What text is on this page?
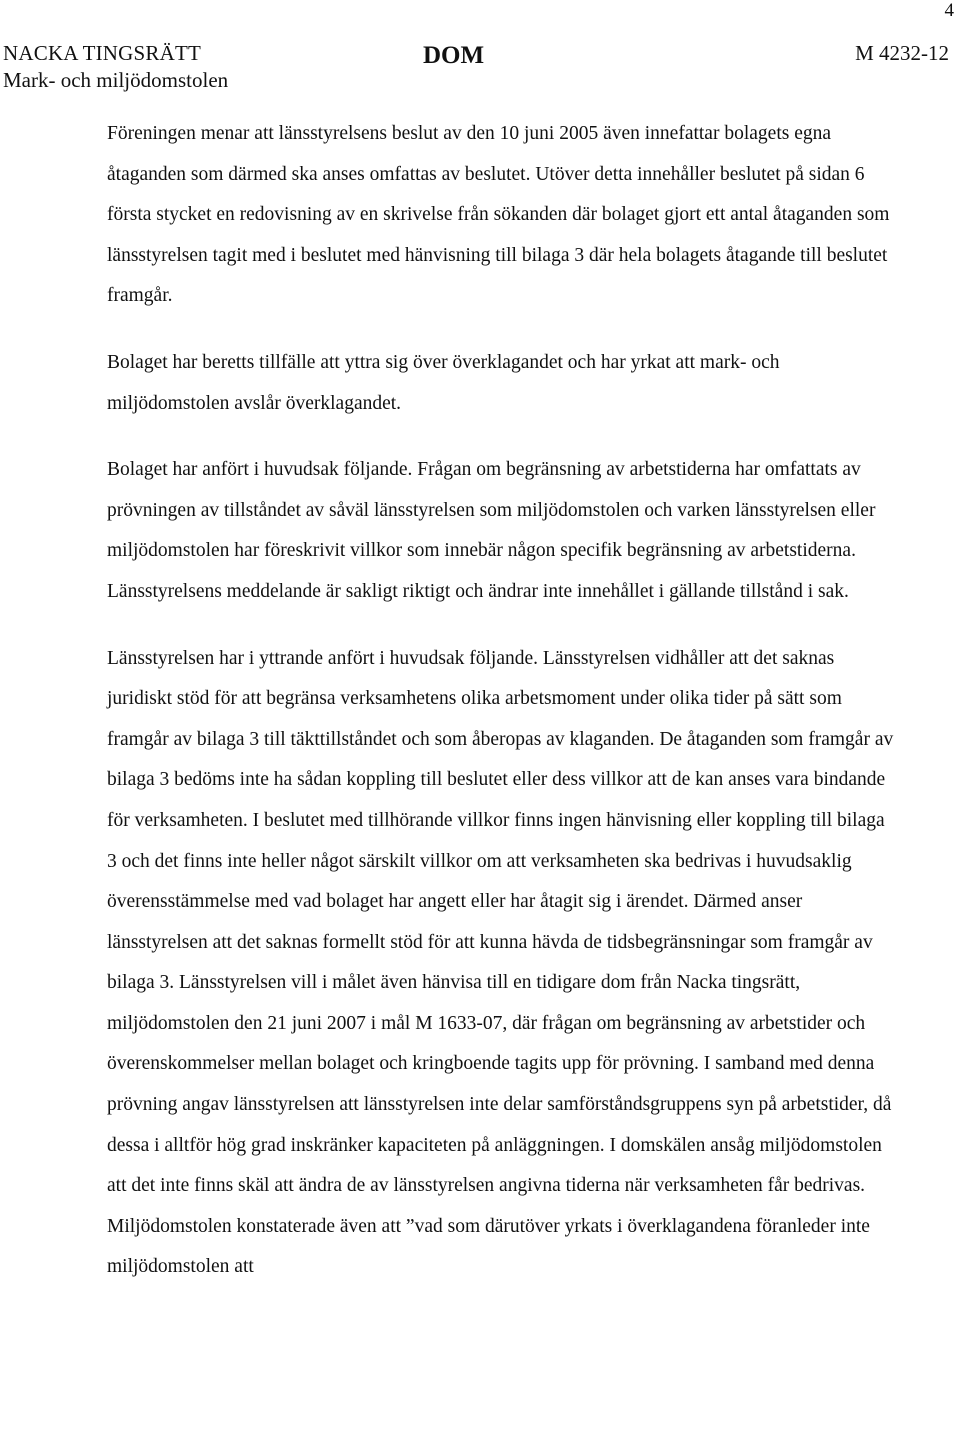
4
NACKA TINGSRÄTT
Mark- och miljödomstolen
DOM	M 4232-12

Föreningen menar att länsstyrelsens beslut av den 10 juni 2005 även innefattar bolagets egna åtaganden som därmed ska anses omfattas av beslutet. Utöver detta innehåller beslutet på sidan 6 första stycket en redovisning av en skrivelse från sökanden där bolaget gjort ett antal åtaganden som länsstyrelsen tagit med i beslutet med hänvisning till bilaga 3 där hela bolagets åtagande till beslutet framgår.

Bolaget har beretts tillfälle att yttra sig över överklagandet och har yrkat att mark- och miljödomstolen avslår överklagandet.

Bolaget har anfört i huvudsak följande. Frågan om begränsning av arbetstiderna har omfattats av prövningen av tillståndet av såväl länsstyrelsen som miljödomstolen och varken länsstyrelsen eller miljödomstolen har föreskrivit villkor som innebär någon specifik begränsning av arbetstiderna. Länsstyrelsens meddelande är sakligt riktigt och ändrar inte innehållet i gällande tillstånd i sak.

Länsstyrelsen har i yttrande anfört i huvudsak följande. Länsstyrelsen vidhåller att det saknas juridiskt stöd för att begränsa verksamhetens olika arbetsmoment under olika tider på sätt som framgår av bilaga 3 till täkttillståndet och som åberopas av klaganden. De åtaganden som framgår av bilaga 3 bedöms inte ha sådan koppling till beslutet eller dess villkor att de kan anses vara bindande för verksamheten. I beslutet med tillhörande villkor finns ingen hänvisning eller koppling till bilaga 3 och det finns inte heller något särskilt villkor om att verksamheten ska bedrivas i huvudsaklig överensstämmelse med vad bolaget har angett eller har åtagit sig i ärendet. Därmed anser länsstyrelsen att det saknas formellt stöd för att kunna hävda de tidsbegränsningar som framgår av bilaga 3. Länsstyrelsen vill i målet även hänvisa till en tidigare dom från Nacka tingsrätt, miljödomstolen den 21 juni 2007 i mål M 1633-07, där frågan om begränsning av arbetstider och överenskommelser mellan bolaget och kringboende tagits upp för prövning. I samband med denna prövning angav länsstyrelsen att länsstyrelsen inte delar samförståndsgruppens syn på arbetstider, då dessa i alltför hög grad inskränker kapaciteten på anläggningen. I domskälen ansåg miljödomstolen att det inte finns skäl att ändra de av länsstyrelsen angivna tiderna när verksamheten får bedrivas. Miljödomstolen konstaterade även att ”vad som därutöver yrkats i överklagandena föranleder inte miljödomstolen att
